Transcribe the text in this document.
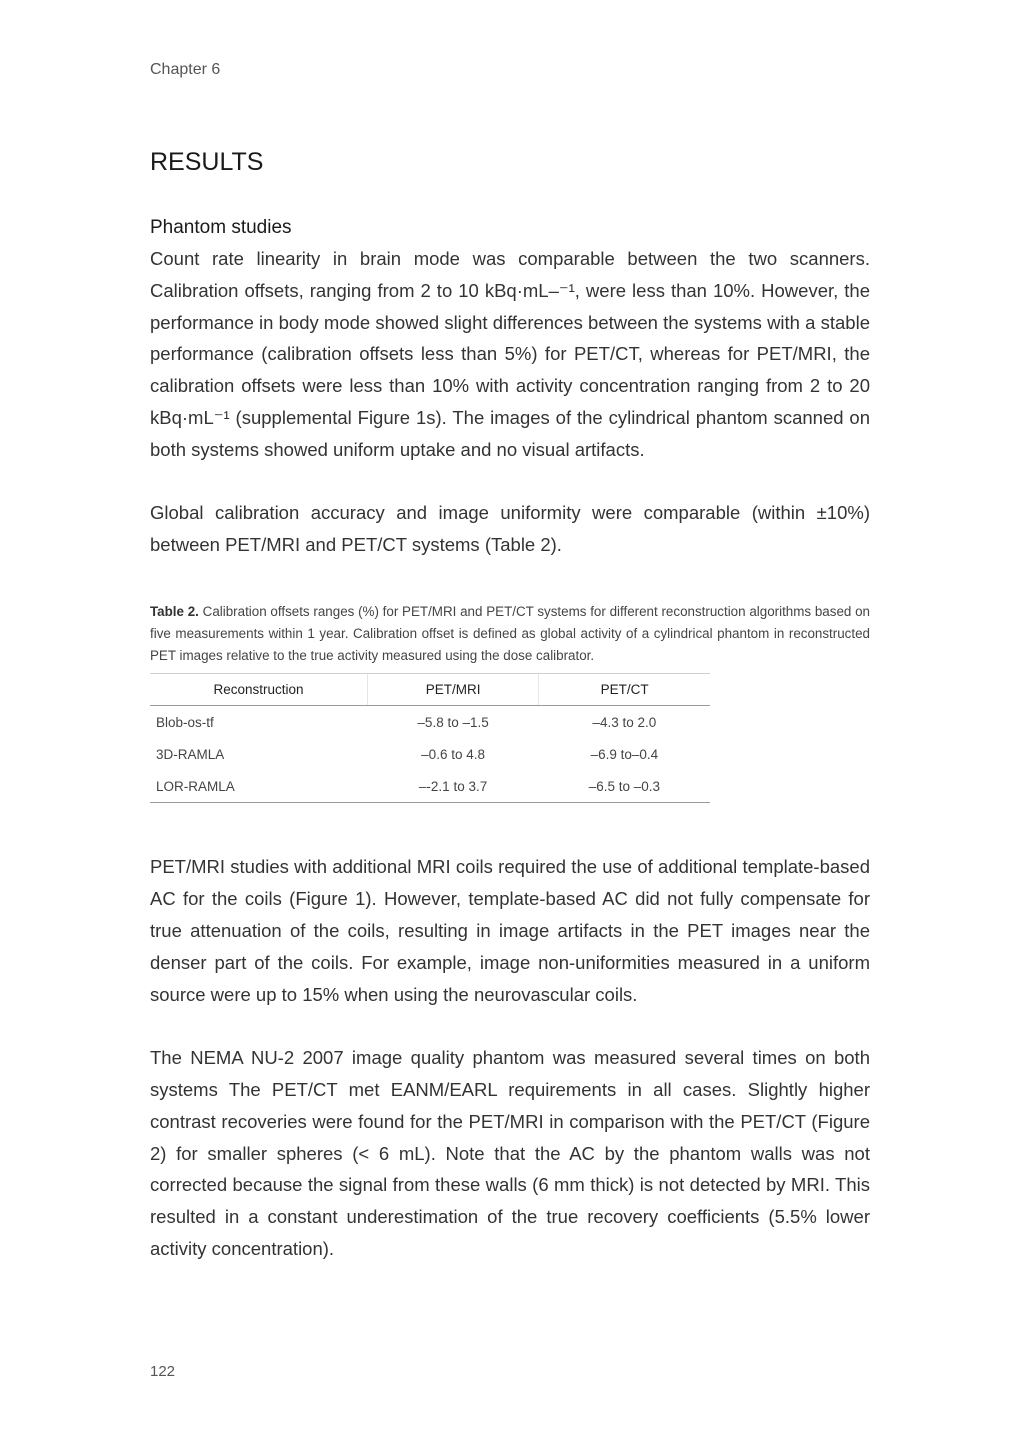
Chapter 6
RESULTS
Phantom studies

Count rate linearity in brain mode was comparable between the two scanners. Calibration offsets, ranging from 2 to 10 kBq·mL–⁻¹, were less than 10%. However, the performance in body mode showed slight differences between the systems with a stable performance (calibration offsets less than 5%) for PET/CT, whereas for PET/MRI, the calibration offsets were less than 10% with activity concentration ranging from 2 to 20 kBq·mL⁻¹ (supplemental Figure 1s). The images of the cylindrical phantom scanned on both systems showed uniform uptake and no visual artifacts.

Global calibration accuracy and image uniformity were comparable (within ±10%) between PET/MRI and PET/CT systems (Table 2).

Table 2. Calibration offsets ranges (%) for PET/MRI and PET/CT systems for different reconstruction algorithms based on five measurements within 1 year. Calibration offset is defined as global activity of a cylindrical phantom in reconstructed PET images relative to the true activity measured using the dose calibrator.

Reconstruction	PET/MRI	PET/CT
Blob-os-tf	–5.8 to –1.5	–4.3 to 2.0
3D-RAMLA	–0.6 to 4.8	–6.9 to–0.4
LOR-RAMLA	–-2.1 to 3.7	–6.5 to –0.3

PET/MRI studies with additional MRI coils required the use of additional template-based AC for the coils (Figure 1). However, template-based AC did not fully compensate for true attenuation of the coils, resulting in image artifacts in the PET images near the denser part of the coils. For example, image non-uniformities measured in a uniform source were up to 15% when using the neurovascular coils.

The NEMA NU-2 2007 image quality phantom was measured several times on both systems The PET/CT met EANM/EARL requirements in all cases. Slightly higher contrast recoveries were found for the PET/MRI in comparison with the PET/CT (Figure 2) for smaller spheres (< 6 mL). Note that the AC by the phantom walls was not corrected because the signal from these walls (6 mm thick) is not detected by MRI. This resulted in a constant underestimation of the true recovery coefficients (5.5% lower activity concentration).

122
